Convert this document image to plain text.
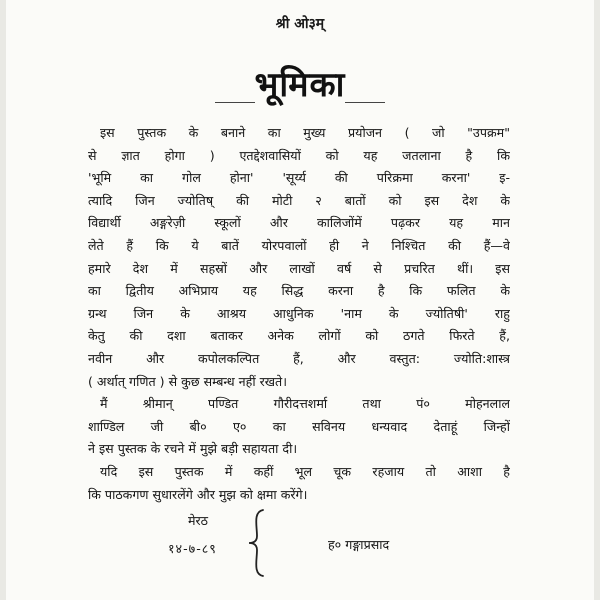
श्री ओ३म्
भूमिका
इस पुस्तक के बनाने का मुख्य प्रयोजन ( जो "उपक्रम"
से ज्ञात होगा ) एतद्देशवासियों को यह जतलाना है कि
'भूमि का गोल होना' 'सूर्य्य की परिक्रमा करना' इ-
त्यादि जिन ज्योतिष् की मोटी २ बातों को इस देश के
विद्यार्थी अङ्गरेज़ी स्कूलों और कालिजोंमें पढ़कर यह मान
लेते हैं कि ये बातें योरपवालों ही ने निश्चित की हैं—वे
हमारे देश में सहस्रों और लाखों वर्ष से प्रचरित थीं। इस
का द्वितीय अभिप्राय यह सिद्ध करना है कि फलित के
ग्रन्थ जिन के आश्रय आधुनिक 'नाम के ज्योतिषी' राहु
केतु की दशा बताकर अनेक लोगों को ठगते फिरते हैं,
नवीन और कपोलकल्पित हैं, और वस्तुत: ज्योति:शास्त्र
( अर्थात् गणित ) से कुछ सम्बन्ध नहीं रखते।
मैं श्रीमान् पण्डित गौरीदत्तशर्मा तथा पं० मोहनलाल
शाण्डिल जी बी० ए० का सविनय धन्यवाद देताहूं जिन्हों
ने इस पुस्तक के रचने में मुझे बड़ी सहायता दी।
यदि इस पुस्तक में कहीं भूल चूक रहजाय तो आशा है
कि पाठकगण सुधारलेंगे और मुझ को क्षमा करेंगे।
मेरठ
१४-७-८९	ह० गङ्गाप्रसाद
